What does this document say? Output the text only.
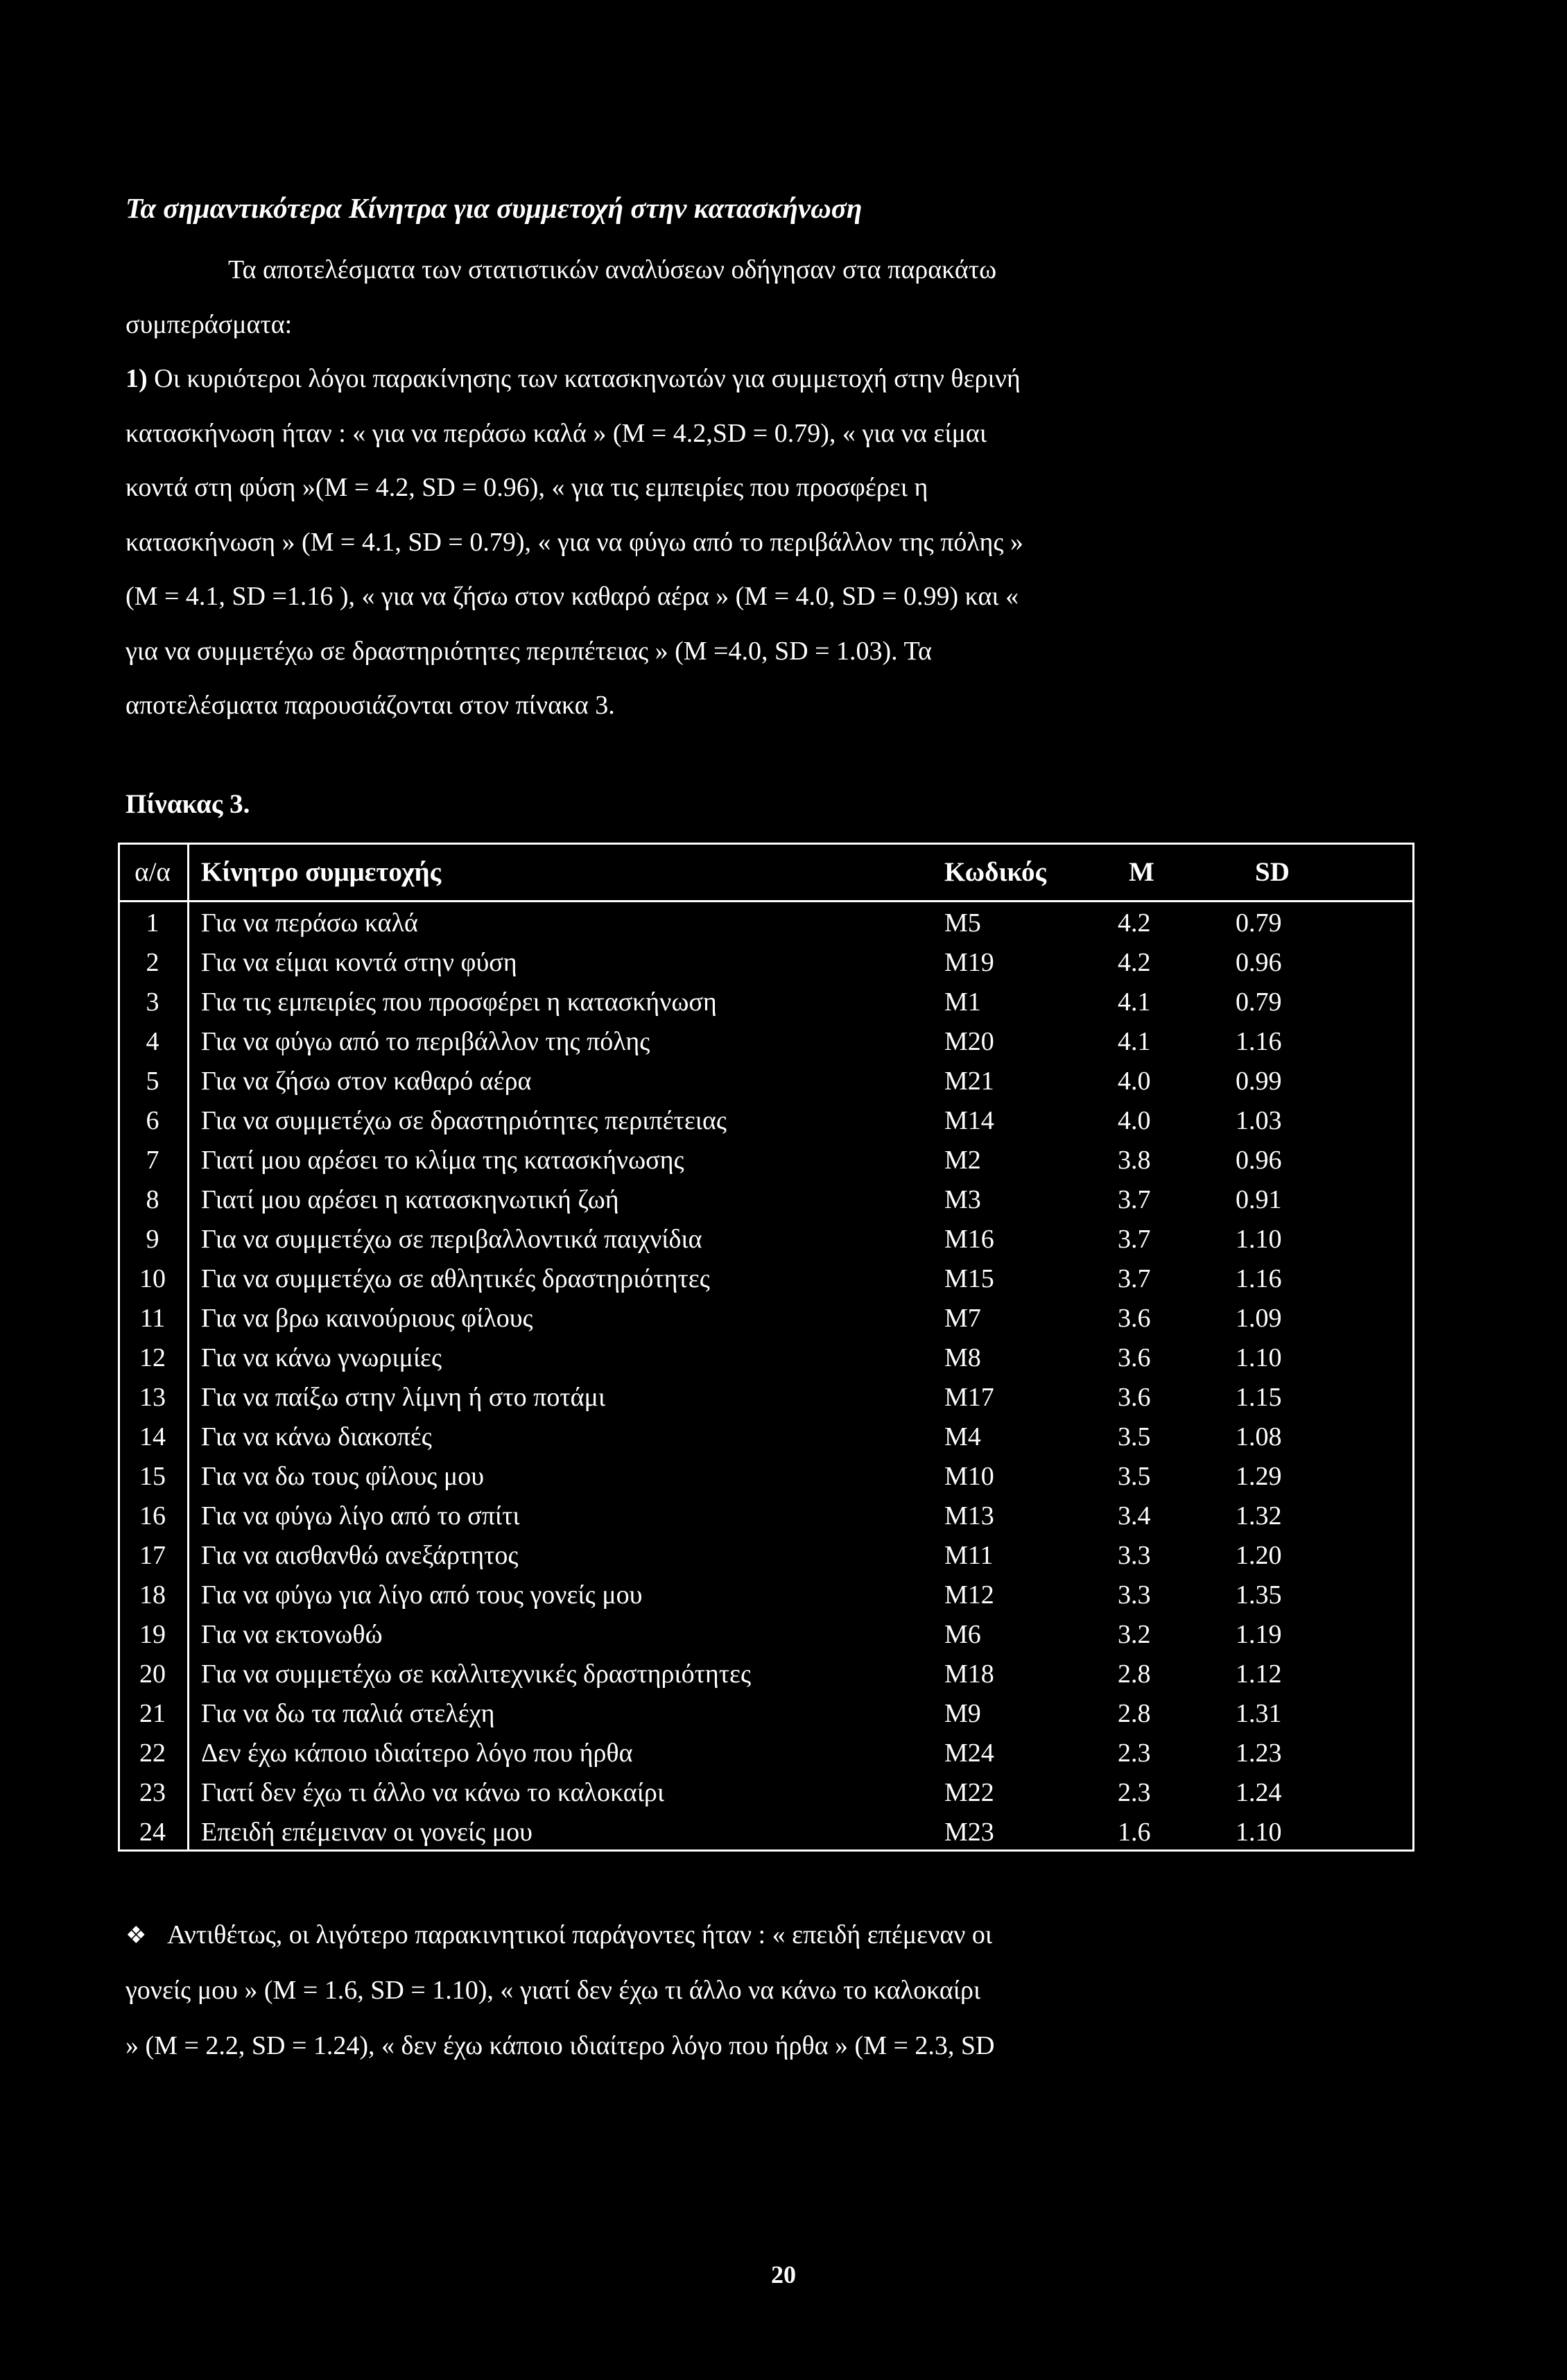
Τα σημαντικότερα Κίνητρα για συμμετοχή στην κατασκήνωση
Τα αποτελέσματα των στατιστικών αναλύσεων οδήγησαν στα παρακάτω
συμπεράσματα:
1) Οι κυριότεροι λόγοι παρακίνησης των κατασκηνωτών για συμμετοχή στην θερινή
κατασκήνωση ήταν : « για να περάσω καλά » (M = 4.2,SD = 0.79), « για να είμαι
κοντά στη φύση »(M = 4.2, SD = 0.96), « για τις εμπειρίες που προσφέρει η
κατασκήνωση » (M = 4.1, SD = 0.79), « για να φύγω από το περιβάλλον της πόλης »
(M = 4.1, SD =1.16 ), « για να ζήσω στον καθαρό αέρα » (M = 4.0, SD = 0.99) και «
για να συμμετέχω σε δραστηριότητες περιπέτειας » (M =4.0, SD = 1.03). Τα
αποτελέσματα παρουσιάζονται στον πίνακα 3.
Πίνακας 3.
α/α	Κίνητρο συμμετοχής	Κωδικός	M	SD
1	Για να περάσω καλά	M5	4.2	0.79
2	Για να είμαι κοντά στην φύση	M19	4.2	0.96
3	Για τις εμπειρίες που προσφέρει η κατασκήνωση	M1	4.1	0.79
4	Για να φύγω από το περιβάλλον της πόλης	M20	4.1	1.16
5	Για να ζήσω στον καθαρό αέρα	M21	4.0	0.99
6	Για να συμμετέχω σε δραστηριότητες περιπέτειας	M14	4.0	1.03
7	Γιατί μου αρέσει το κλίμα της κατασκήνωσης	M2	3.8	0.96
8	Γιατί μου αρέσει η κατασκηνωτική ζωή	M3	3.7	0.91
9	Για να συμμετέχω σε περιβαλλοντικά παιχνίδια	M16	3.7	1.10
10	Για να συμμετέχω σε αθλητικές δραστηριότητες	M15	3.7	1.16
11	Για να βρω καινούριους φίλους	M7	3.6	1.09
12	Για να κάνω γνωριμίες	M8	3.6	1.10
13	Για να παίξω στην λίμνη ή στο ποτάμι	M17	3.6	1.15
14	Για να κάνω διακοπές	M4	3.5	1.08
15	Για να δω τους φίλους μου	M10	3.5	1.29
16	Για να φύγω λίγο από το σπίτι	M13	3.4	1.32
17	Για να αισθανθώ ανεξάρτητος	M11	3.3	1.20
18	Για να φύγω για λίγο από τους γονείς μου	M12	3.3	1.35
19	Για να εκτονωθώ	M6	3.2	1.19
20	Για να συμμετέχω σε καλλιτεχνικές δραστηριότητες	M18	2.8	1.12
21	Για να δω τα παλιά στελέχη	M9	2.8	1.31
22	Δεν έχω κάποιο ιδιαίτερο λόγο που ήρθα	M24	2.3	1.23
23	Γιατί δεν έχω τι άλλο να κάνω το καλοκαίρι	M22	2.3	1.24
24	Επειδή επέμειναν οι γονείς μου	M23	1.6	1.10
❖ Αντιθέτως, οι λιγότερο παρακινητικοί παράγοντες ήταν : « επειδή επέμεναν οι
γονείς μου » (M = 1.6, SD = 1.10), « γιατί δεν έχω τι άλλο να κάνω το καλοκαίρι
» (M = 2.2, SD = 1.24), « δεν έχω κάποιο ιδιαίτερο λόγο που ήρθα » (M = 2.3, SD
20
